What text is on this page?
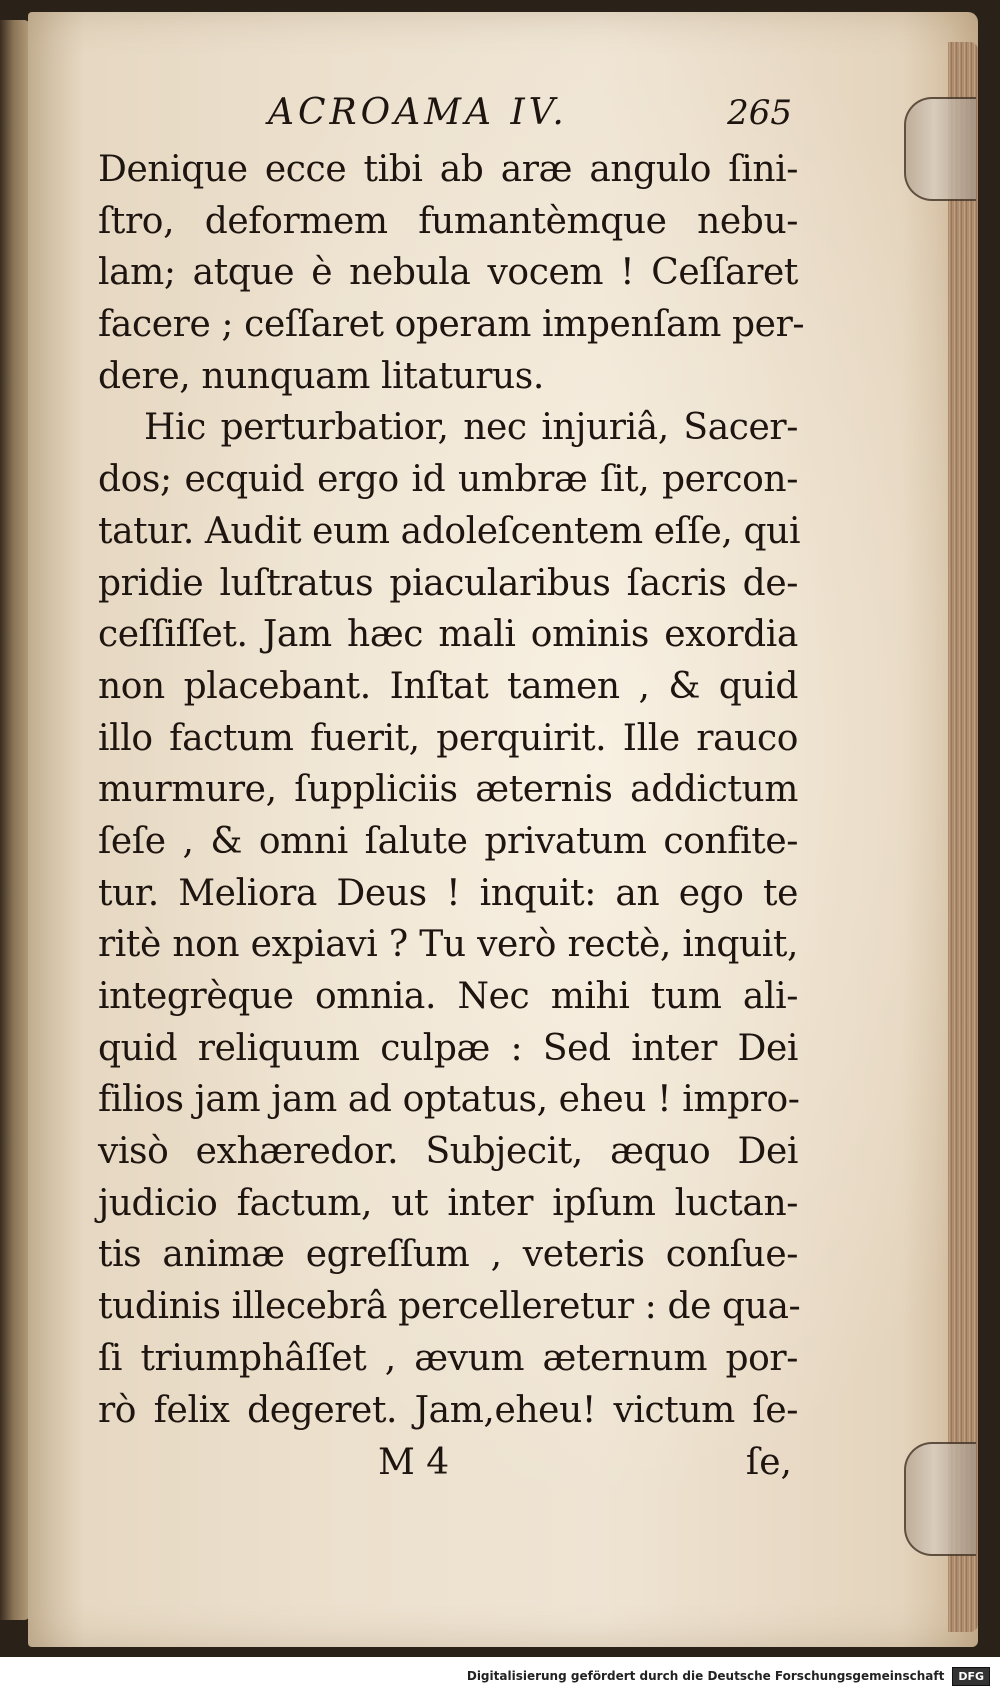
ACROAMA IV.	265
Denique ecce tibi ab aræ angulo ſini-
ſtro, deformem fumantèmque nebu-
lam; atque è nebula vocem ! Ceſſaret
facere ; ceſſaret operam impenſam per-
dere, nunquam litaturus.
Hic perturbatior, nec injuriâ, Sacer-
dos; ecquid ergo id umbræ ſit, percon-
tatur. Audit eum adoleſcentem eſſe, qui
pridie luſtratus piacularibus ſacris de-
ceſſiſſet. Jam hæc mali ominis exordia
non placebant. Inſtat tamen , & quid
illo factum fuerit, perquirit. Ille rauco
murmure, ſuppliciis æternis addictum
ſeſe , & omni ſalute privatum confite-
tur. Meliora Deus ! inquit: an ego te
ritè non expiavi ? Tu verò rectè, inquit,
integrèque omnia. Nec mihi tum ali-
quid reliquum culpæ : Sed inter Dei
filios jam jam ad optatus, eheu ! impro-
visò exhæredor. Subjecit, æquo Dei
judicio factum, ut inter ipſum luctan-
tis animæ egreſſum , veteris conſue-
tudinis illecebrâ percelleretur : de qua-
ſi triumphâſſet , ævum æternum por-
rò felix degeret. Jam,eheu! victum ſe-
M 4	ſe,
Digitalisierung gefördert durch die Deutsche Forschungsgemeinschaft	DFG
